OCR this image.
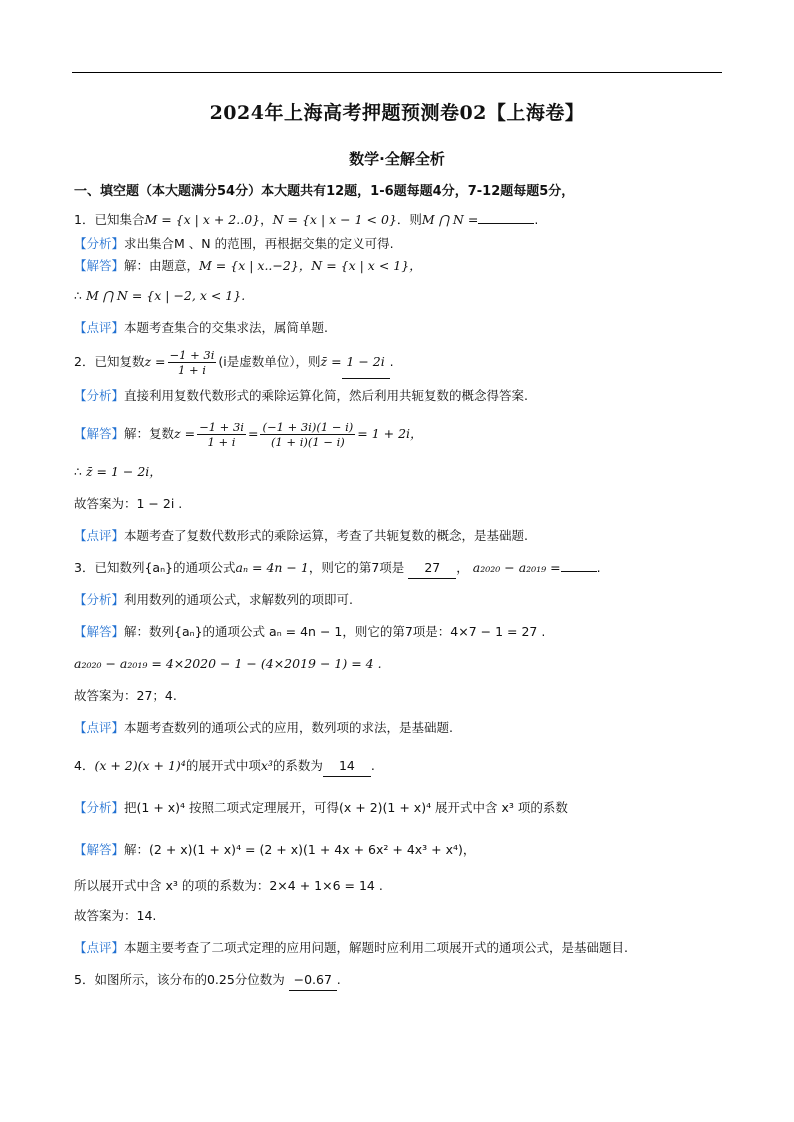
2024年上海高考押题预测卷02【上海卷】
数学·全解全析
一、填空题（本大题满分54分）本大题共有12题，1-6题每题4分，7-12题每题5分，
1．已知集合M = {x | x + 2..0}，N = {x | x − 1 < 0}．则M ⋂ N =	.
【分析】求出集合M 、N 的范围，再根据交集的定义可得.
【解答】解：由题意，M = {x | x..−2}，N = {x | x < 1}，
∴ M ⋂ N = {x | −2, x < 1}.
【点评】本题考查集合的交集求法，属简单题.
2．已知复数$z = \frac{-1 + 3i}{1 + i} (i$是虚数单位），则z̄ = 1 − 2i .
【分析】直接利用复数代数形式的乘除运算化简，然后利用共轭复数的概念得答案.
【解答】解：复数$z = \frac{-1 + 3i}{1 + i} = \frac{(-1 + 3i)(1 - i)}{(1 + i)(1 - i)} = 1 + 2i$，
∴ z̄ = 1 − 2i，
故答案为：1 − 2i .
【点评】本题考查了复数代数形式的乘除运算，考查了共轭复数的概念，是基础题.
3．已知数列{aₙ}的通项公式aₙ = 4n − 1，则它的第7项是 27 ， a₂₀₂₀ − a₂₀₁₉ =	.
【分析】利用数列的通项公式，求解数列的项即可.
【解答】解：数列{aₙ}的通项公式 aₙ = 4n − 1，则它的第7项是：4×7 − 1 = 27 .
a₂₀₂₀ − a₂₀₁₉ = 4×2020 − 1 − (4×2019 − 1) = 4 .
故答案为：27；4.
【点评】本题考查数列的通项公式的应用，数列项的求法，是基础题.
4．(x + 2)(x + 1)⁴的展开式中项x³的系数为 14 .
【分析】把(1 + x)⁴ 按照二项式定理展开，可得(x + 2)(1 + x)⁴ 展开式中含 x³ 项的系数
【解答】解：(2 + x)(1 + x)⁴ = (2 + x)(1 + 4x + 6x² + 4x³ + x⁴)，
所以展开式中含 x³ 的项的系数为：2×4 + 1×6 = 14 .
故答案为：14.
【点评】本题主要考查了二项式定理的应用问题，解题时应利用二项展开式的通项公式，是基础题目.
5．如图所示，该分布的0.25分位数为 −0.67 .
